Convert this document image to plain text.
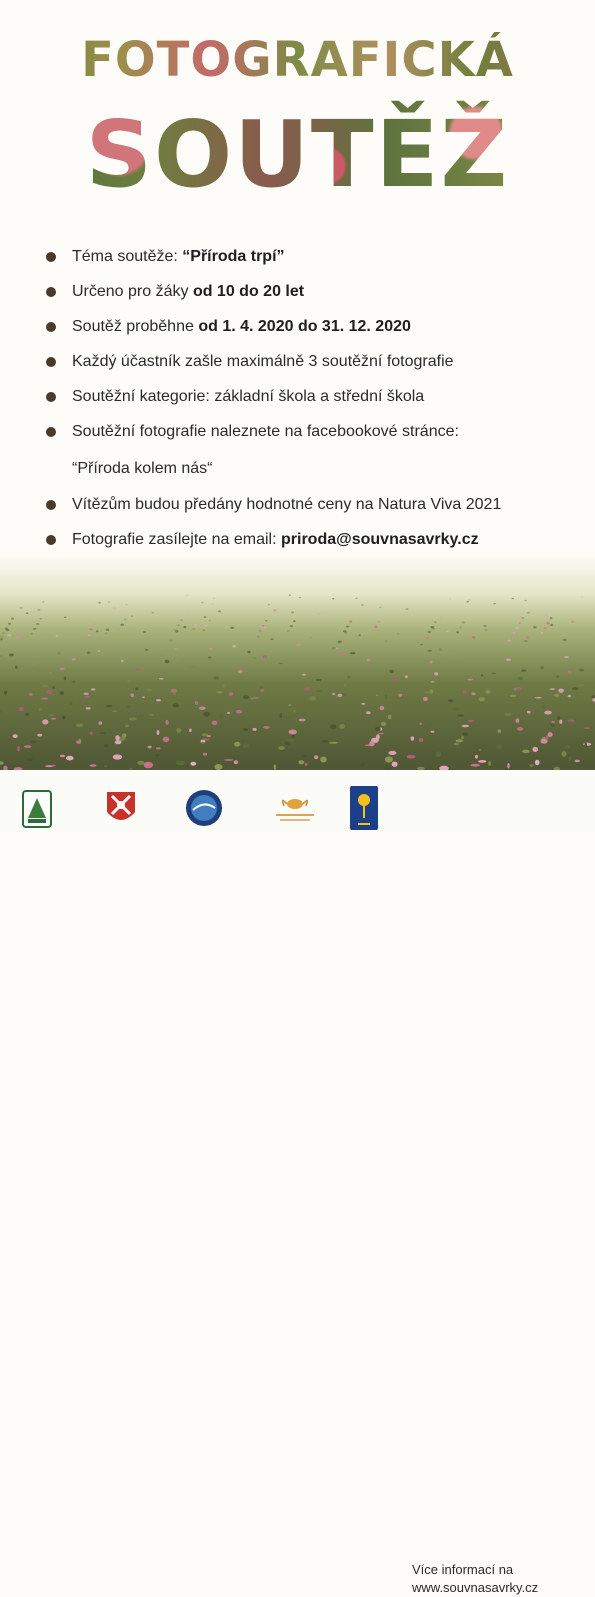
FOTOGRAFICKÁ
SOUTĚŽ
Téma soutěže: “Příroda trpí”
Určeno pro žáky od 10 do 20 let
Soutěž proběhne od 1. 4. 2020 do 31. 12. 2020
Každý účastník zašle maximálně 3 soutěžní fotografie
Soutěžní kategorie: základní škola a střední škola
Soutěžní fotografie naleznete na facebookové stránce:
“Příroda kolem nás“
Vítězům budou předány hodnotné ceny na Natura Viva 2021
Fotografie zasílejte na email: priroda@souvnasavrky.cz
Více informací na
www.souvnasavrky.cz
